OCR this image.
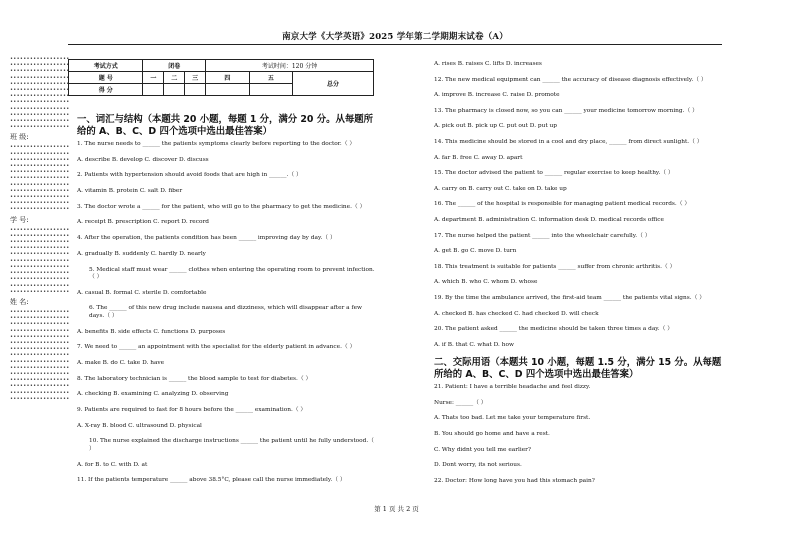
南京大学《大学英语》2025 学年第二学期期末试卷（A）
••••••••••••••••••
••••••••••••••••••
••••••••••••••••••
••••••••••••••••••
••••••••••••••••••
••••••••••••••••••
••••••••••••••••••
••••••••••••••••••
••••••••••••••••••
••••••••••••••••••
••••••••••••••••••
••••••••••••••••••
班 级:
••••••••••••••••••
••••••••••••••••••
••••••••••••••••••
••••••••••••••••••
••••••••••••••••••
••••••••••••••••••
••••••••••••••••••
••••••••••••••••••
••••••••••••••••••
••••••••••••••••••
••••••••••••••••••
学 号:
••••••••••••••••••
••••••••••••••••••
••••••••••••••••••
••••••••••••••••••
••••••••••••••••••
••••••••••••••••••
••••••••••••••••••
••••••••••••••••••
••••••••••••••••••
••••••••••••••••••
••••••••••••••••••
姓 名:
••••••••••••••••••
••••••••••••••••••
••••••••••••••••••
••••••••••••••••••
••••••••••••••••••
••••••••••••••••••
••••••••••••••••••
••••••••••••••••••
••••••••••••••••••
••••••••••••••••••
••••••••••••••••••
••••••••••••••••••
••••••••••••••••••
••••••••••••••••••
••••••••••••••••••
考试方式	闭卷			考试时间：120 分钟		
题 号	一	二	三	四	五	总分
得 分						
一、词汇与结构（本题共 20 小题，每题 1 分，满分 20 分。从每题所给的 A、B、C、D 四个选项中选出最佳答案）
1. The nurse needs to ______ the patients symptoms clearly before reporting to the doctor.（ ）
A. describe B. develop C. discover D. discuss
2. Patients with hypertension should avoid foods that are high in ______.（ ）
A. vitamin B. protein C. salt D. fiber
3. The doctor wrote a ______ for the patient, who will go to the pharmacy to get the medicine.（ ）
A. receipt B. prescription C. report D. record
4. After the operation, the patients condition has been ______ improving day by day.（ ）
A. gradually B. suddenly C. hardly D. nearly
5. Medical staff must wear ______ clothes when entering the operating room to prevent infection.（ ）
A. casual B. formal C. sterile D. comfortable
6. The ______ of this new drug include nausea and dizziness, which will disappear after a few days.（ ）
A. benefits B. side effects C. functions D. purposes
7. We need to ______ an appointment with the specialist for the elderly patient in advance.（ ）
A. make B. do C. take D. have
8. The laboratory technician is ______ the blood sample to test for diabetes.（ ）
A. checking B. examining C. analyzing D. observing
9. Patients are required to fast for 8 hours before the ______ examination.（ ）
A. X-ray B. blood C. ultrasound D. physical
10. The nurse explained the discharge instructions ______ the patient until he fully understood.（ ）
A. for B. to C. with D. at
11. If the patients temperature ______ above 38.5°C, please call the nurse immediately.（ ）
A. rises B. raises C. lifts D. increases
12. The new medical equipment can ______ the accuracy of disease diagnosis effectively.（ ）
A. improve B. increase C. raise D. promote
13. The pharmacy is closed now, so you can ______ your medicine tomorrow morning.（ ）
A. pick out B. pick up C. put out D. put up
14. This medicine should be stored in a cool and dry place, ______ from direct sunlight.（ ）
A. far B. free C. away D. apart
15. The doctor advised the patient to ______ regular exercise to keep healthy.（ ）
A. carry on B. carry out C. take on D. take up
16. The ______ of the hospital is responsible for managing patient medical records.（ ）
A. department B. administration C. information desk D. medical records office
17. The nurse helped the patient ______ into the wheelchair carefully.（ ）
A. get B. go C. move D. turn
18. This treatment is suitable for patients ______ suffer from chronic arthritis.（ ）
A. which B. who C. whom D. whose
19. By the time the ambulance arrived, the first-aid team ______ the patients vital signs.（ ）
A. checked B. has checked C. had checked D. will check
20. The patient asked ______ the medicine should be taken three times a day.（ ）
A. if B. that C. what D. how
二、交际用语（本题共 10 小题，每题 1.5 分，满分 15 分。从每题所给的 A、B、C、D 四个选项中选出最佳答案）
21. Patient: I have a terrible headache and feel dizzy.
Nurse: ______（ ）
A. Thats too bad. Let me take your temperature first.
B. You should go home and have a rest.
C. Why didnt you tell me earlier?
D. Dont worry, its not serious.
22. Doctor: How long have you had this stomach pain?
第 1 页 共 2 页
